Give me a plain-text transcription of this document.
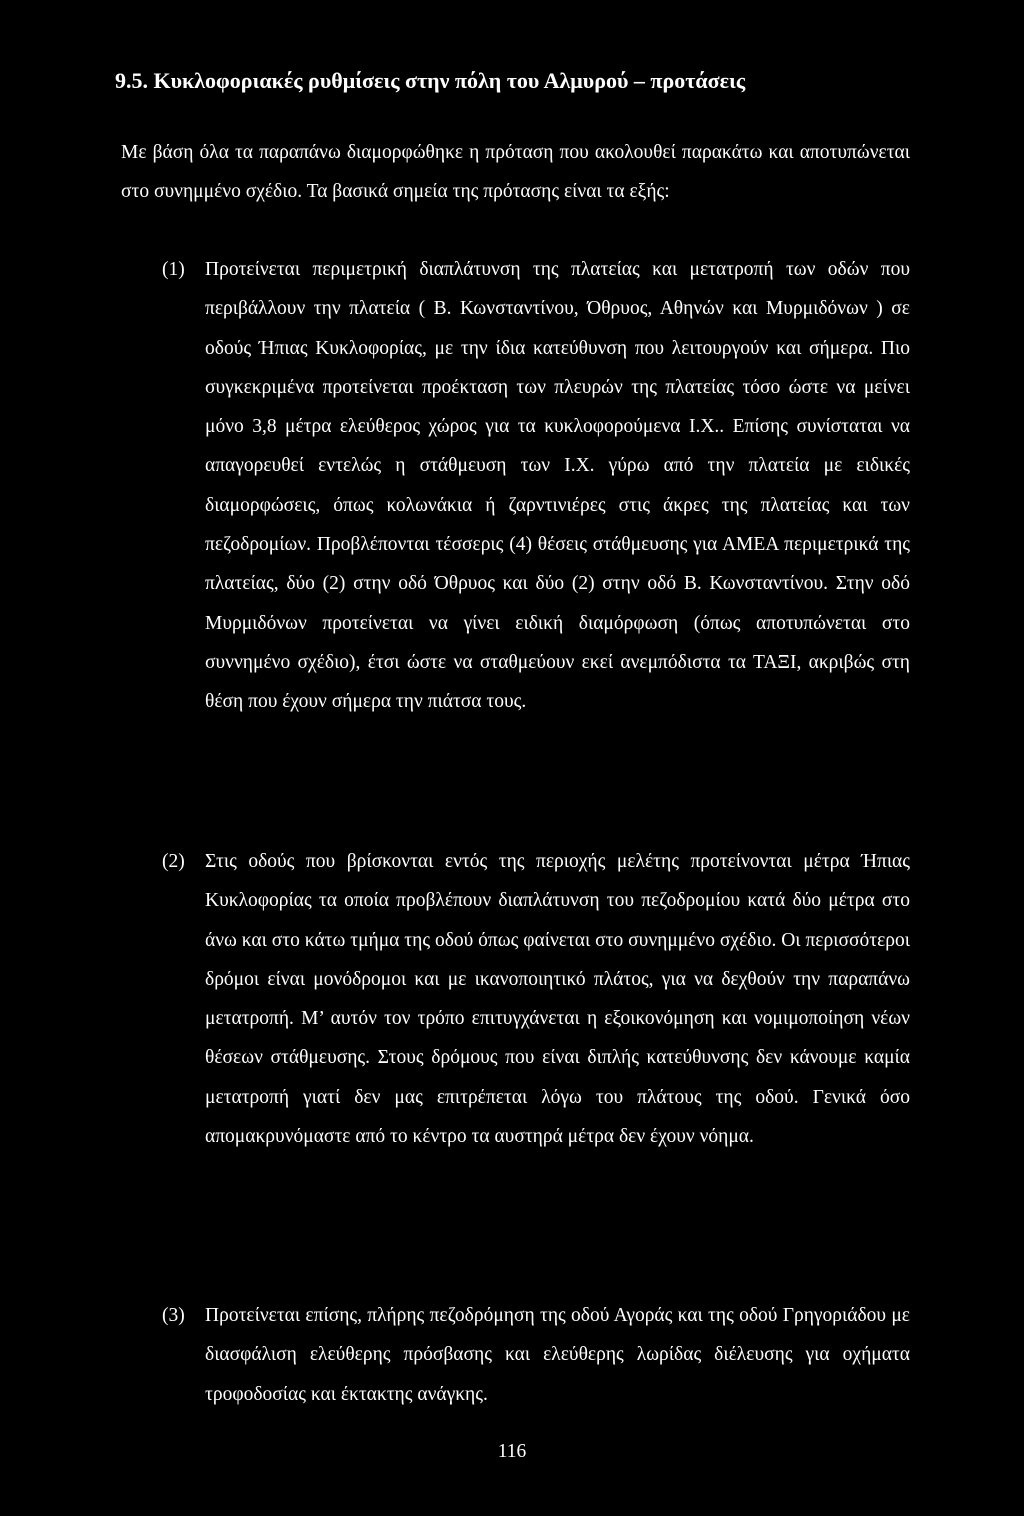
9.5. Κυκλοφοριακές ρυθμίσεις στην πόλη του Αλμυρού – προτάσεις
Με βάση όλα τα παραπάνω διαμορφώθηκε η πρόταση που ακολουθεί παρακάτω και αποτυπώνεται στο συνημμένο σχέδιο. Τα βασικά σημεία της πρότασης είναι τα εξής:
(1) Προτείνεται περιμετρική διαπλάτυνση της πλατείας και μετατροπή των οδών που περιβάλλουν την πλατεία ( Β. Κωνσταντίνου, Όθρυος, Αθηνών και Μυρμιδόνων ) σε οδούς Ήπιας Κυκλοφορίας, με την ίδια κατεύθυνση που λειτουργούν και σήμερα. Πιο συγκεκριμένα προτείνεται προέκταση των πλευρών της πλατείας τόσο ώστε να μείνει μόνο 3,8 μέτρα ελεύθερος χώρος για τα κυκλοφορούμενα Ι.Χ.. Επίσης συνίσταται να απαγορευθεί εντελώς η στάθμευση των Ι.Χ. γύρω από την πλατεία με ειδικές διαμορφώσεις, όπως κολωνάκια ή ζαρντινιέρες στις άκρες της πλατείας και των πεζοδρομίων. Προβλέπονται τέσσερις (4) θέσεις στάθμευσης για ΑΜΕΑ περιμετρικά της πλατείας, δύο (2) στην οδό Όθρυος και δύο (2) στην οδό Β. Κωνσταντίνου. Στην οδό Μυρμιδόνων προτείνεται να γίνει ειδική διαμόρφωση (όπως αποτυπώνεται στο συννημένο σχέδιο), έτσι ώστε να σταθμεύουν εκεί ανεμπόδιστα τα ΤΑΞΙ, ακριβώς στη θέση που έχουν σήμερα την πιάτσα τους.
(2) Στις οδούς που βρίσκονται εντός της περιοχής μελέτης προτείνονται μέτρα Ήπιας Κυκλοφορίας τα οποία προβλέπουν διαπλάτυνση του πεζοδρομίου κατά δύο μέτρα στο άνω και στο κάτω τμήμα της οδού όπως φαίνεται στο συνημμένο σχέδιο. Οι περισσότεροι δρόμοι είναι μονόδρομοι και με ικανοποιητικό πλάτος, για να δεχθούν την παραπάνω μετατροπή. Μ’ αυτόν τον τρόπο επιτυγχάνεται η εξοικονόμηση και νομιμοποίηση νέων θέσεων στάθμευσης. Στους δρόμους που είναι διπλής κατεύθυνσης δεν κάνουμε καμία μετατροπή γιατί δεν μας επιτρέπεται λόγω του πλάτους της οδού. Γενικά όσο απομακρυνόμαστε από το κέντρο τα αυστηρά μέτρα δεν έχουν νόημα.
(3) Προτείνεται επίσης, πλήρης πεζοδρόμηση της οδού Αγοράς και της οδού Γρηγοριάδου με διασφάλιση ελεύθερης πρόσβασης και ελεύθερης λωρίδας διέλευσης για οχήματα τροφοδοσίας και έκτακτης ανάγκης.
116
